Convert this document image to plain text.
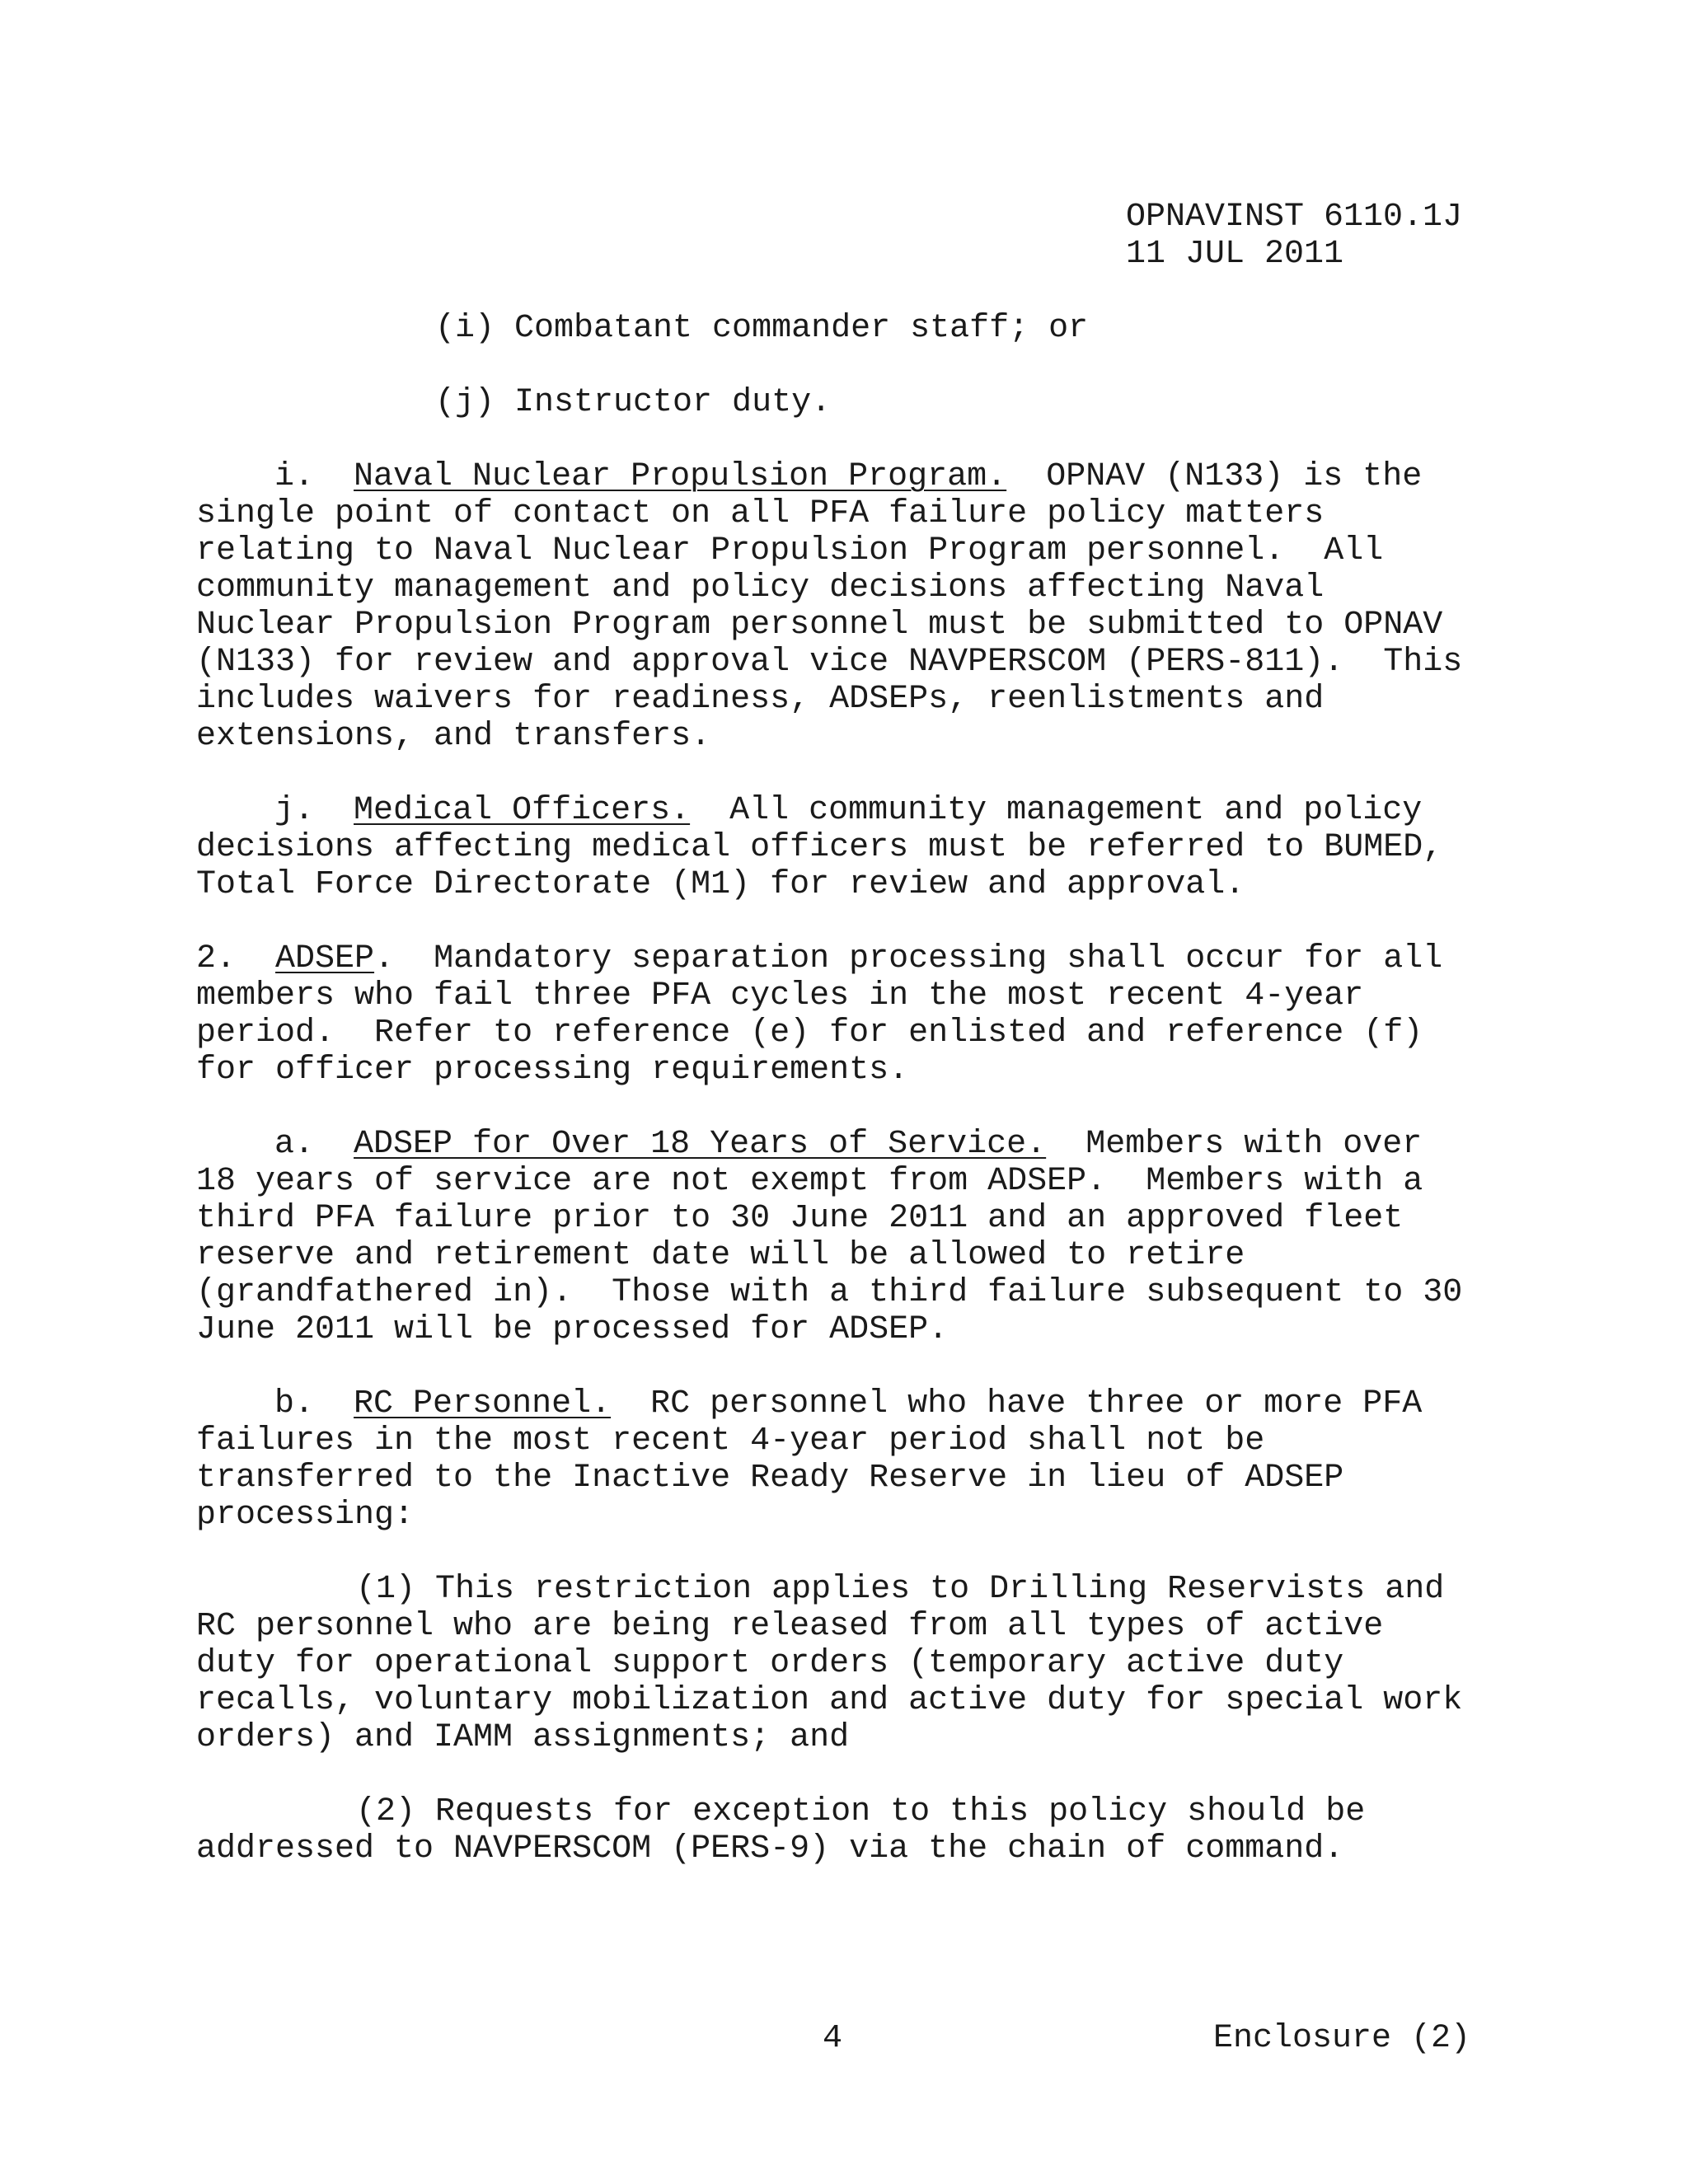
OPNAVINST 6110.1J
11 JUL 2011
(i) Combatant commander staff; or
(j) Instructor duty.
i. Naval Nuclear Propulsion Program. OPNAV (N133) is the
single point of contact on all PFA failure policy matters
relating to Naval Nuclear Propulsion Program personnel.  All
community management and policy decisions affecting Naval
Nuclear Propulsion Program personnel must be submitted to OPNAV
(N133) for review and approval vice NAVPERSCOM (PERS-811).  This
includes waivers for readiness, ADSEPs, reenlistments and
extensions, and transfers.
j. Medical Officers. All community management and policy
decisions affecting medical officers must be referred to BUMED,
Total Force Directorate (M1) for review and approval.
2. ADSEP.  Mandatory separation processing shall occur for all
members who fail three PFA cycles in the most recent 4-year
period.  Refer to reference (e) for enlisted and reference (f)
for officer processing requirements.
a. ADSEP for Over 18 Years of Service. Members with over
18 years of service are not exempt from ADSEP.  Members with a
third PFA failure prior to 30 June 2011 and an approved fleet
reserve and retirement date will be allowed to retire
(grandfathered in).  Those with a third failure subsequent to 30
June 2011 will be processed for ADSEP.
b. RC Personnel. RC personnel who have three or more PFA
failures in the most recent 4-year period shall not be
transferred to the Inactive Ready Reserve in lieu of ADSEP
processing:
(1) This restriction applies to Drilling Reservists and
RC personnel who are being released from all types of active
duty for operational support orders (temporary active duty
recalls, voluntary mobilization and active duty for special work
orders) and IAMM assignments; and
(2) Requests for exception to this policy should be
addressed to NAVPERSCOM (PERS-9) via the chain of command.
4	Enclosure (2)
